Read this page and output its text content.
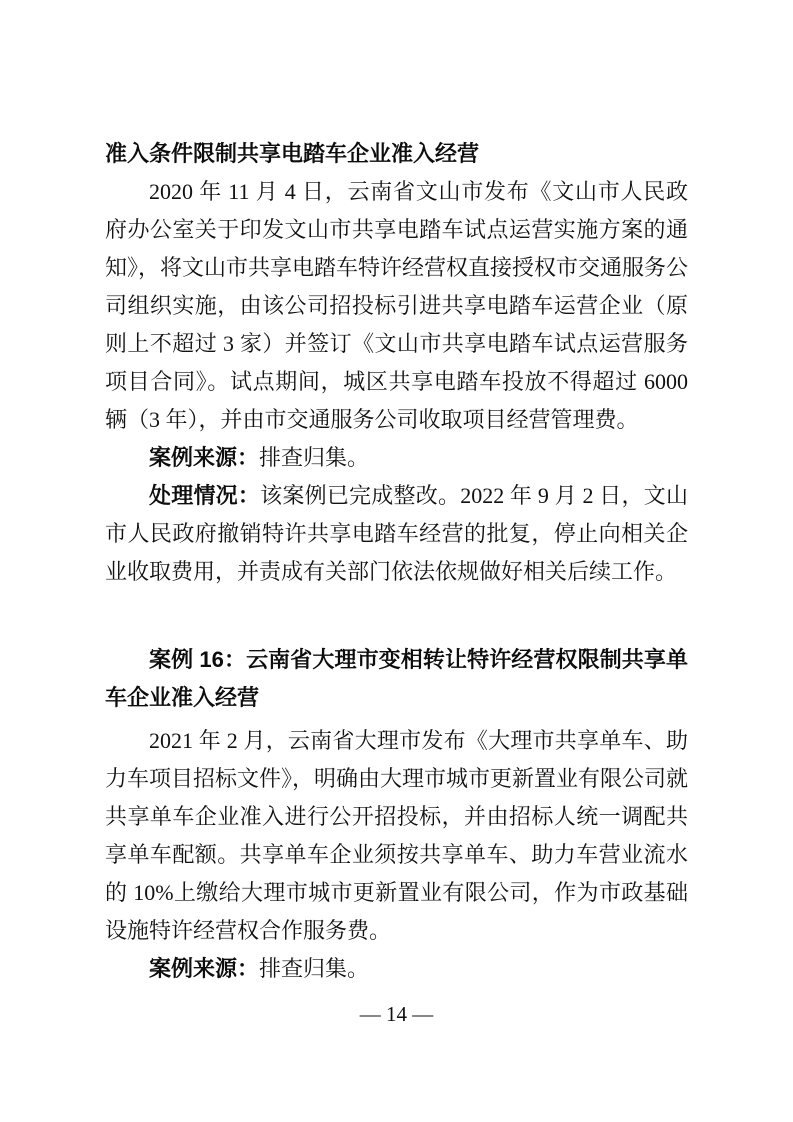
准入条件限制共享电踏车企业准入经营

2020 年 11 月 4 日，云南省文山市发布《文山市人民政府办公室关于印发文山市共享电踏车试点运营实施方案的通知》，将文山市共享电踏车特许经营权直接授权市交通服务公司组织实施，由该公司招投标引进共享电踏车运营企业（原则上不超过 3 家）并签订《文山市共享电踏车试点运营服务项目合同》。试点期间，城区共享电踏车投放不得超过 6000 辆（3 年），并由市交通服务公司收取项目经营管理费。

案例来源：排查归集。

处理情况：该案例已完成整改。2022 年 9 月 2 日，文山市人民政府撤销特许共享电踏车经营的批复，停止向相关企业收取费用，并责成有关部门依法依规做好相关后续工作。

案例 16：云南省大理市变相转让特许经营权限制共享单车企业准入经营

2021 年 2 月，云南省大理市发布《大理市共享单车、助力车项目招标文件》，明确由大理市城市更新置业有限公司就共享单车企业准入进行公开招投标，并由招标人统一调配共享单车配额。共享单车企业须按共享单车、助力车营业流水的 10%上缴给大理市城市更新置业有限公司，作为市政基础设施特许经营权合作服务费。

案例来源：排查归集。

— 14 —
